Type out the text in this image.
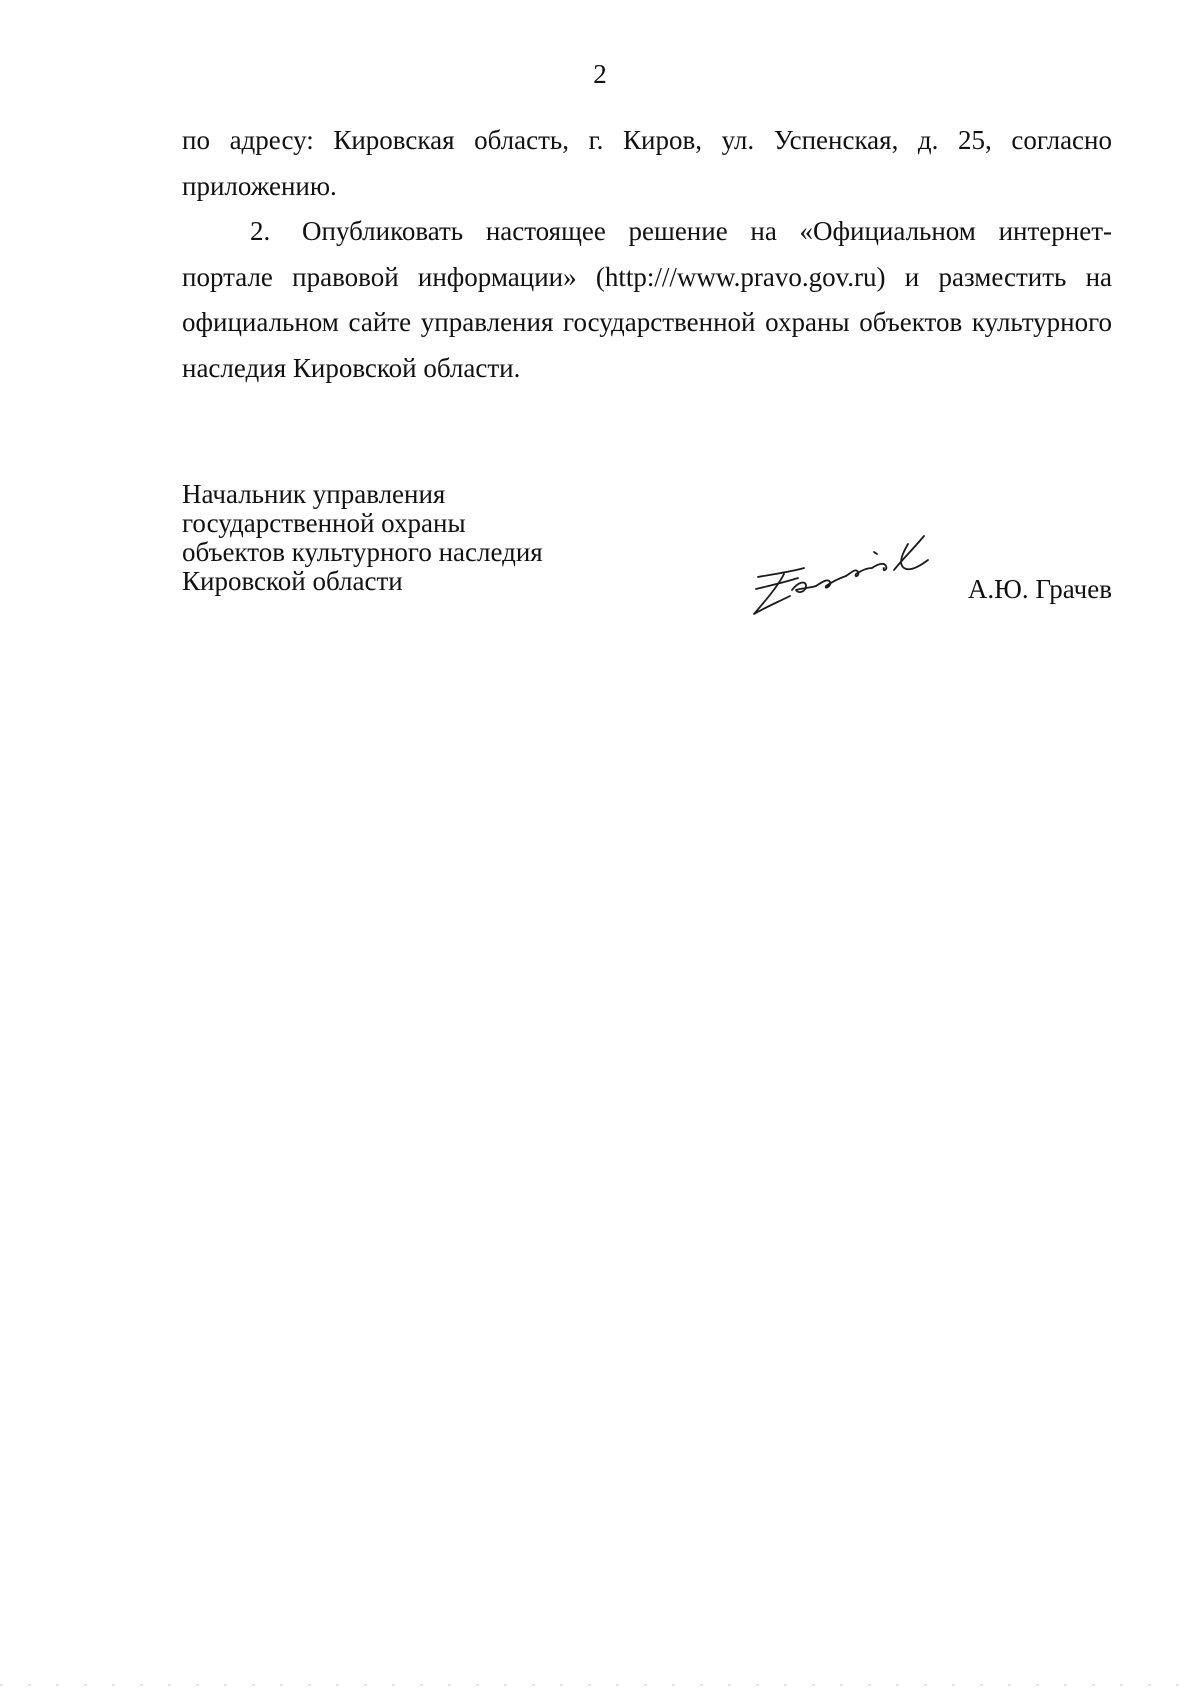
2

по адресу: Кировская область, г. Киров, ул. Успенская, д. 25, согласно приложению.

2. Опубликовать настоящее решение на «Официальном интернет-портале правовой информации» (http:///www.pravo.gov.ru) и разместить на официальном сайте управления государственной охраны объектов культурного наследия Кировской области.

Начальник управления
государственной охраны
объектов культурного наследия
Кировской области	А.Ю. Грачев
